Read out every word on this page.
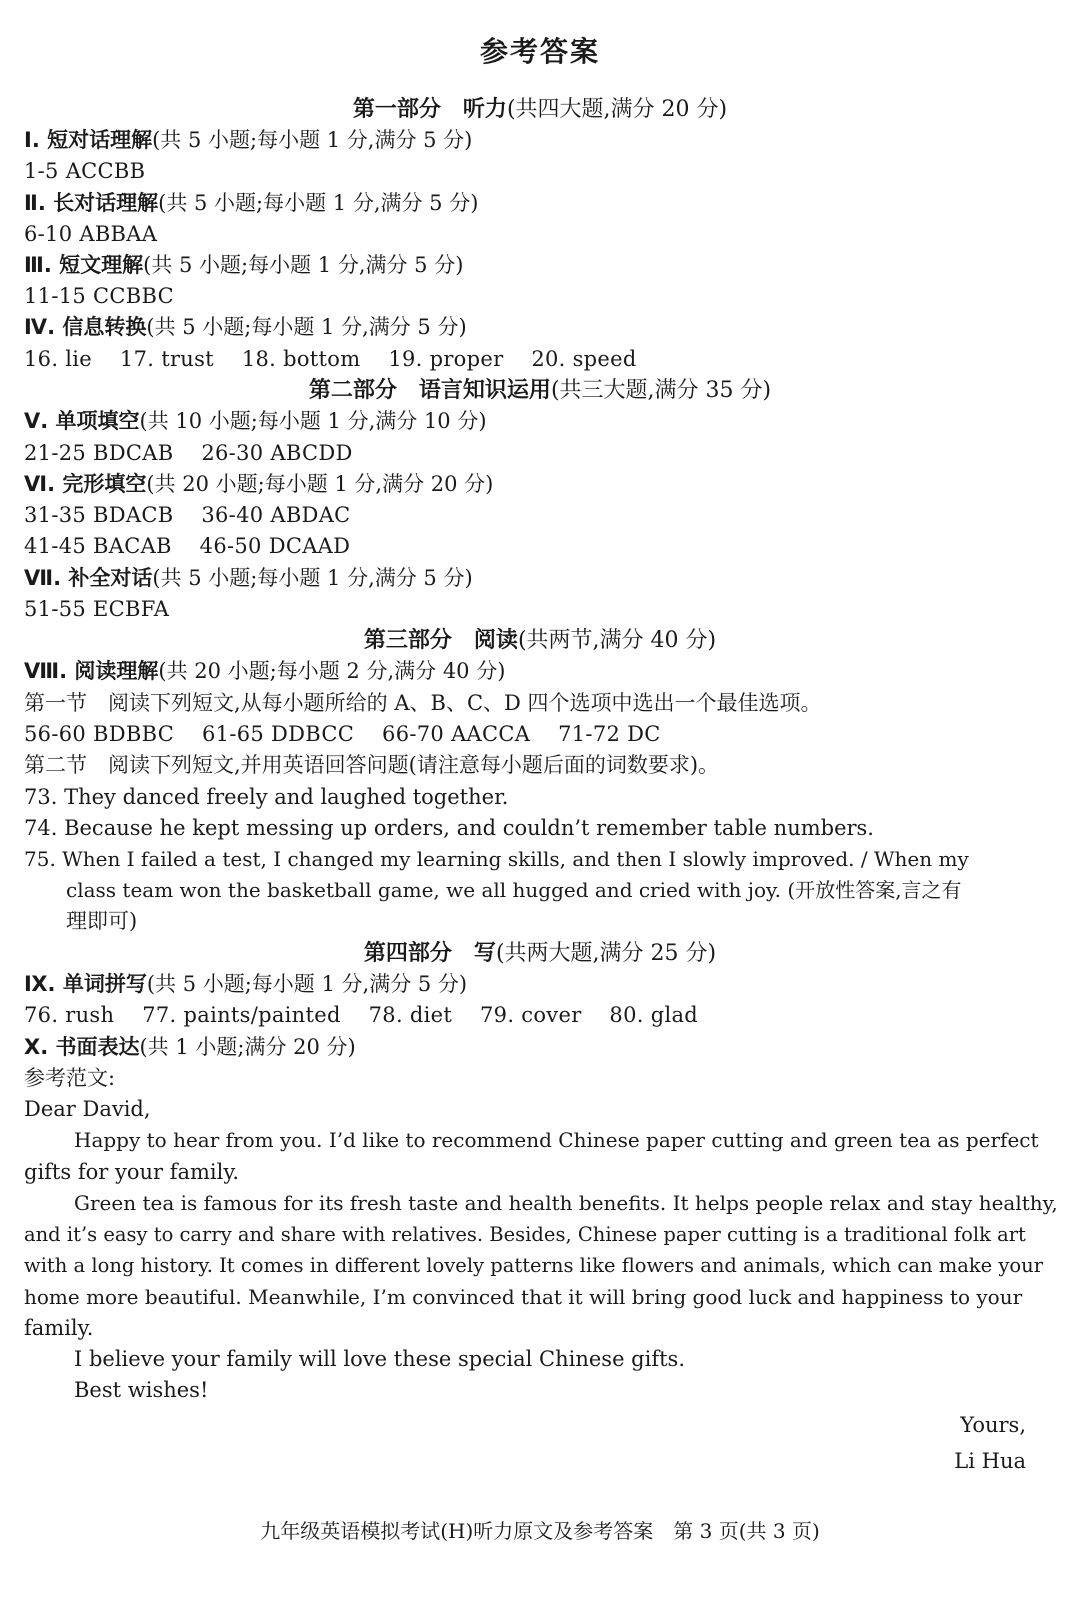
参考答案
第一部分　听力(共四大题,满分 20 分)
Ⅰ. 短对话理解(共 5 小题;每小题 1 分,满分 5 分)
1-5 ACCBB
Ⅱ. 长对话理解(共 5 小题;每小题 1 分,满分 5 分)
6-10 ABBAA
Ⅲ. 短文理解(共 5 小题;每小题 1 分,满分 5 分)
11-15 CCBBC
Ⅳ. 信息转换(共 5 小题;每小题 1 分,满分 5 分)
16. lie    17. trust    18. bottom    19. proper    20. speed
第二部分　语言知识运用(共三大题,满分 35 分)
Ⅴ. 单项填空(共 10 小题;每小题 1 分,满分 10 分)
21-25 BDCAB    26-30 ABCDD
Ⅵ. 完形填空(共 20 小题;每小题 1 分,满分 20 分)
31-35 BDACB    36-40 ABDAC
41-45 BACAB    46-50 DCAAD
Ⅶ. 补全对话(共 5 小题;每小题 1 分,满分 5 分)
51-55 ECBFA
第三部分　阅读(共两节,满分 40 分)
Ⅷ. 阅读理解(共 20 小题;每小题 2 分,满分 40 分)
第一节　阅读下列短文,从每小题所给的 A、B、C、D 四个选项中选出一个最佳选项。
56-60 BDBBC    61-65 DDBCC    66-70 AACCA    71-72 DC
第二节　阅读下列短文,并用英语回答问题(请注意每小题后面的词数要求)。
73. They danced freely and laughed together.
74. Because he kept messing up orders, and couldn’t remember table numbers.
75. When I failed a test, I changed my learning skills, and then I slowly improved. / When my
class team won the basketball game, we all hugged and cried with joy. (开放性答案,言之有
理即可)
第四部分　写(共两大题,满分 25 分)
Ⅸ. 单词拼写(共 5 小题;每小题 1 分,满分 5 分)
76. rush    77. paints/painted    78. diet    79. cover    80. glad
Ⅹ. 书面表达(共 1 小题;满分 20 分)
参考范文:
Dear David,
Happy to hear from you. I’d like to recommend Chinese paper cutting and green tea as perfect
gifts for your family.
Green tea is famous for its fresh taste and health benefits. It helps people relax and stay healthy,
and it’s easy to carry and share with relatives. Besides, Chinese paper cutting is a traditional folk art
with a long history. It comes in different lovely patterns like flowers and animals, which can make your
home more beautiful. Meanwhile, I’m convinced that it will bring good luck and happiness to your
family.
I believe your family will love these special Chinese gifts.
Best wishes!
Yours,
Li Hua
九年级英语模拟考试(H)听力原文及参考答案　第 3 页(共 3 页)
